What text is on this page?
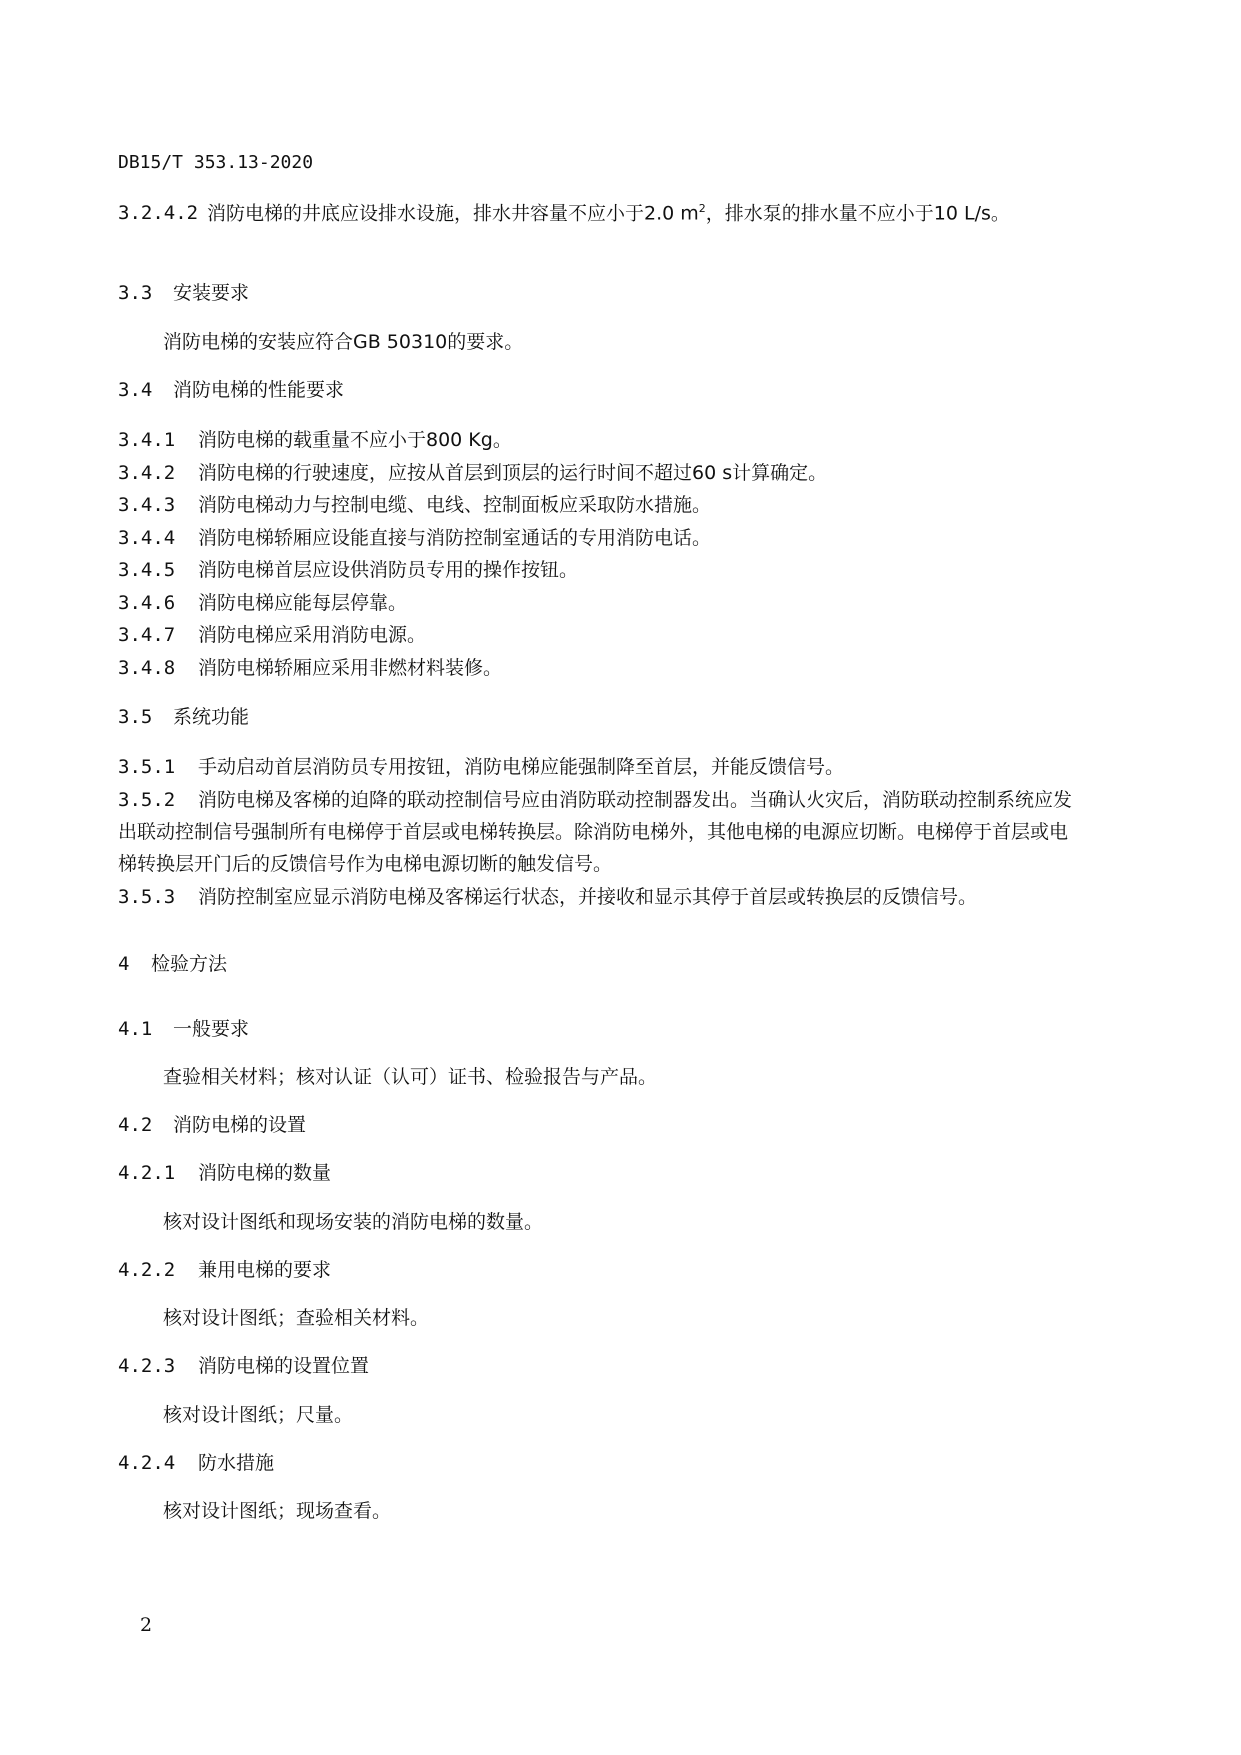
DB15/T 353.13-2020
3.2.4.2 消防电梯的井底应设排水设施，排水井容量不应小于2.0 $m^2$，排水泵的排水量不应小于10 L/s。
3.3 安装要求
消防电梯的安装应符合GB 50310的要求。
3.4 消防电梯的性能要求
3.4.1 消防电梯的载重量不应小于800 Kg。
3.4.2 消防电梯的行驶速度，应按从首层到顶层的运行时间不超过60 s计算确定。
3.4.3 消防电梯动力与控制电缆、电线、控制面板应采取防水措施。
3.4.4 消防电梯轿厢应设能直接与消防控制室通话的专用消防电话。
3.4.5 消防电梯首层应设供消防员专用的操作按钮。
3.4.6 消防电梯应能每层停靠。
3.4.7 消防电梯应采用消防电源。
3.4.8 消防电梯轿厢应采用非燃材料装修。
3.5 系统功能
3.5.1 手动启动首层消防员专用按钮，消防电梯应能强制降至首层，并能反馈信号。
3.5.2 消防电梯及客梯的迫降的联动控制信号应由消防联动控制器发出。当确认火灾后，消防联动控制系统应发出联动控制信号强制所有电梯停于首层或电梯转换层。除消防电梯外，其他电梯的电源应切断。电梯停于首层或电梯转换层开门后的反馈信号作为电梯电源切断的触发信号。
3.5.3 消防控制室应显示消防电梯及客梯运行状态，并接收和显示其停于首层或转换层的反馈信号。
4 检验方法
4.1 一般要求
查验相关材料；核对认证（认可）证书、检验报告与产品。
4.2 消防电梯的设置
4.2.1 消防电梯的数量
核对设计图纸和现场安装的消防电梯的数量。
4.2.2 兼用电梯的要求
核对设计图纸；查验相关材料。
4.2.3 消防电梯的设置位置
核对设计图纸；尺量。
4.2.4 防水措施
核对设计图纸；现场查看。
2
